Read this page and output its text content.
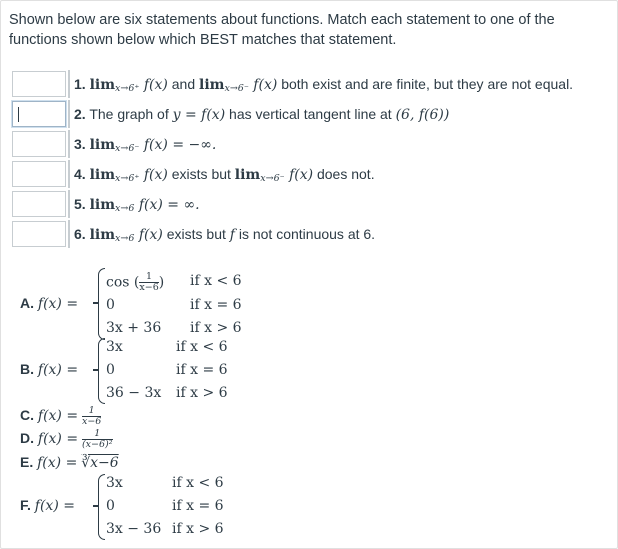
Shown below are six statements about functions. Match each statement to one of the functions shown below which BEST matches that statement.
1. $\lim_{x\to 6^+} f(x)$ and $\lim_{x\to 6^-} f(x)$ both exist and are finite, but they are not equal.
2. The graph of y = f(x) has vertical tangent line at (6, f(6))
3. $\lim_{x\to 6^-} f(x)$ = −∞.
4. $\lim_{x\to 6^+} f(x)$ exists but $\lim_{x\to 6^-} f(x)$ does not.
5. $\lim_{x\to 6} f(x)$ = ∞.
6. $\lim_{x\to 6} f(x)$ exists but f is not continuous at 6.
A. f(x) =
cos ( $\frac{1}{x-6}$ ) if x < 6
0	if x = 6
3x + 36 if x > 6
B. f(x) =
3x	if x < 6
0	if x = 6
36 − 3x if x > 6
C. $f(x) = \frac{1}{x-6}$
D. $f(x) = \frac{1}{\text{(x−6)²}}$
E. f(x) = ∛x−6
F. f(x) =
3x	if x < 6
0	if x = 6
3x − 36 if x > 6
